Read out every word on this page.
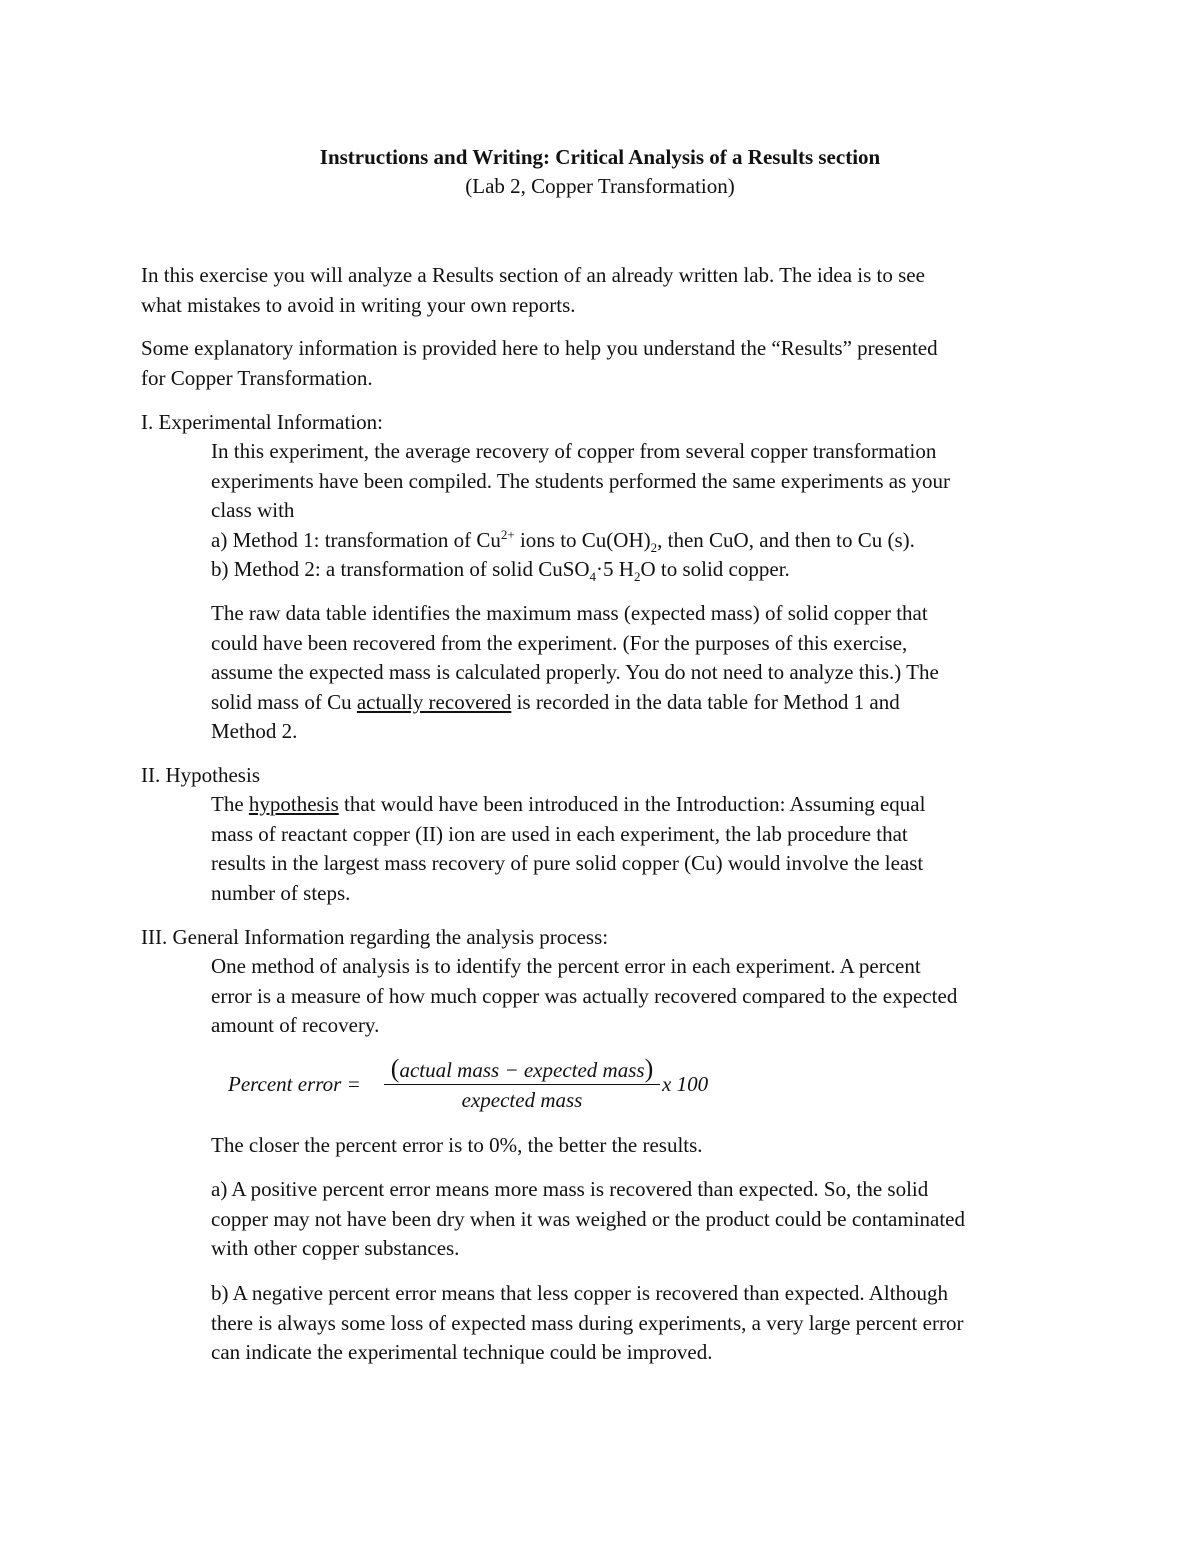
Instructions and Writing: Critical Analysis of a Results section
(Lab 2, Copper Transformation)
In this exercise you will analyze a Results section of an already written lab. The idea is to see
what mistakes to avoid in writing your own reports.
Some explanatory information is provided here to help you understand the “Results” presented
for Copper Transformation.
I. Experimental Information:
In this experiment, the average recovery of copper from several copper transformation
experiments have been compiled. The students performed the same experiments as your
class with
a) Method 1: transformation of $Cu^{2+}$ ions to $Cu(OH)_2$, then CuO, and then to Cu (s).
b) Method 2: a transformation of solid CuSO$_4$·5 $H_2O$ to solid copper.
The raw data table identifies the maximum mass (expected mass) of solid copper that
could have been recovered from the experiment. (For the purposes of this exercise,
assume the expected mass is calculated properly. You do not need to analyze this.) The
solid mass of Cu actually recovered is recorded in the data table for Method 1 and
Method 2.
II. Hypothesis
The hypothesis that would have been introduced in the Introduction: Assuming equal
mass of reactant copper (II) ion are used in each experiment, the lab procedure that
results in the largest mass recovery of pure solid copper (Cu) would involve the least
number of steps.
III. General Information regarding the analysis process:
One method of analysis is to identify the percent error in each experiment. A percent
error is a measure of how much copper was actually recovered compared to the expected
amount of recovery.
Percent error =
(actual mass − expected mass)
expected mass
x 100
The closer the percent error is to 0%, the better the results.
a) A positive percent error means more mass is recovered than expected. So, the solid
copper may not have been dry when it was weighed or the product could be contaminated
with other copper substances.
b) A negative percent error means that less copper is recovered than expected. Although
there is always some loss of expected mass during experiments, a very large percent error
can indicate the experimental technique could be improved.
